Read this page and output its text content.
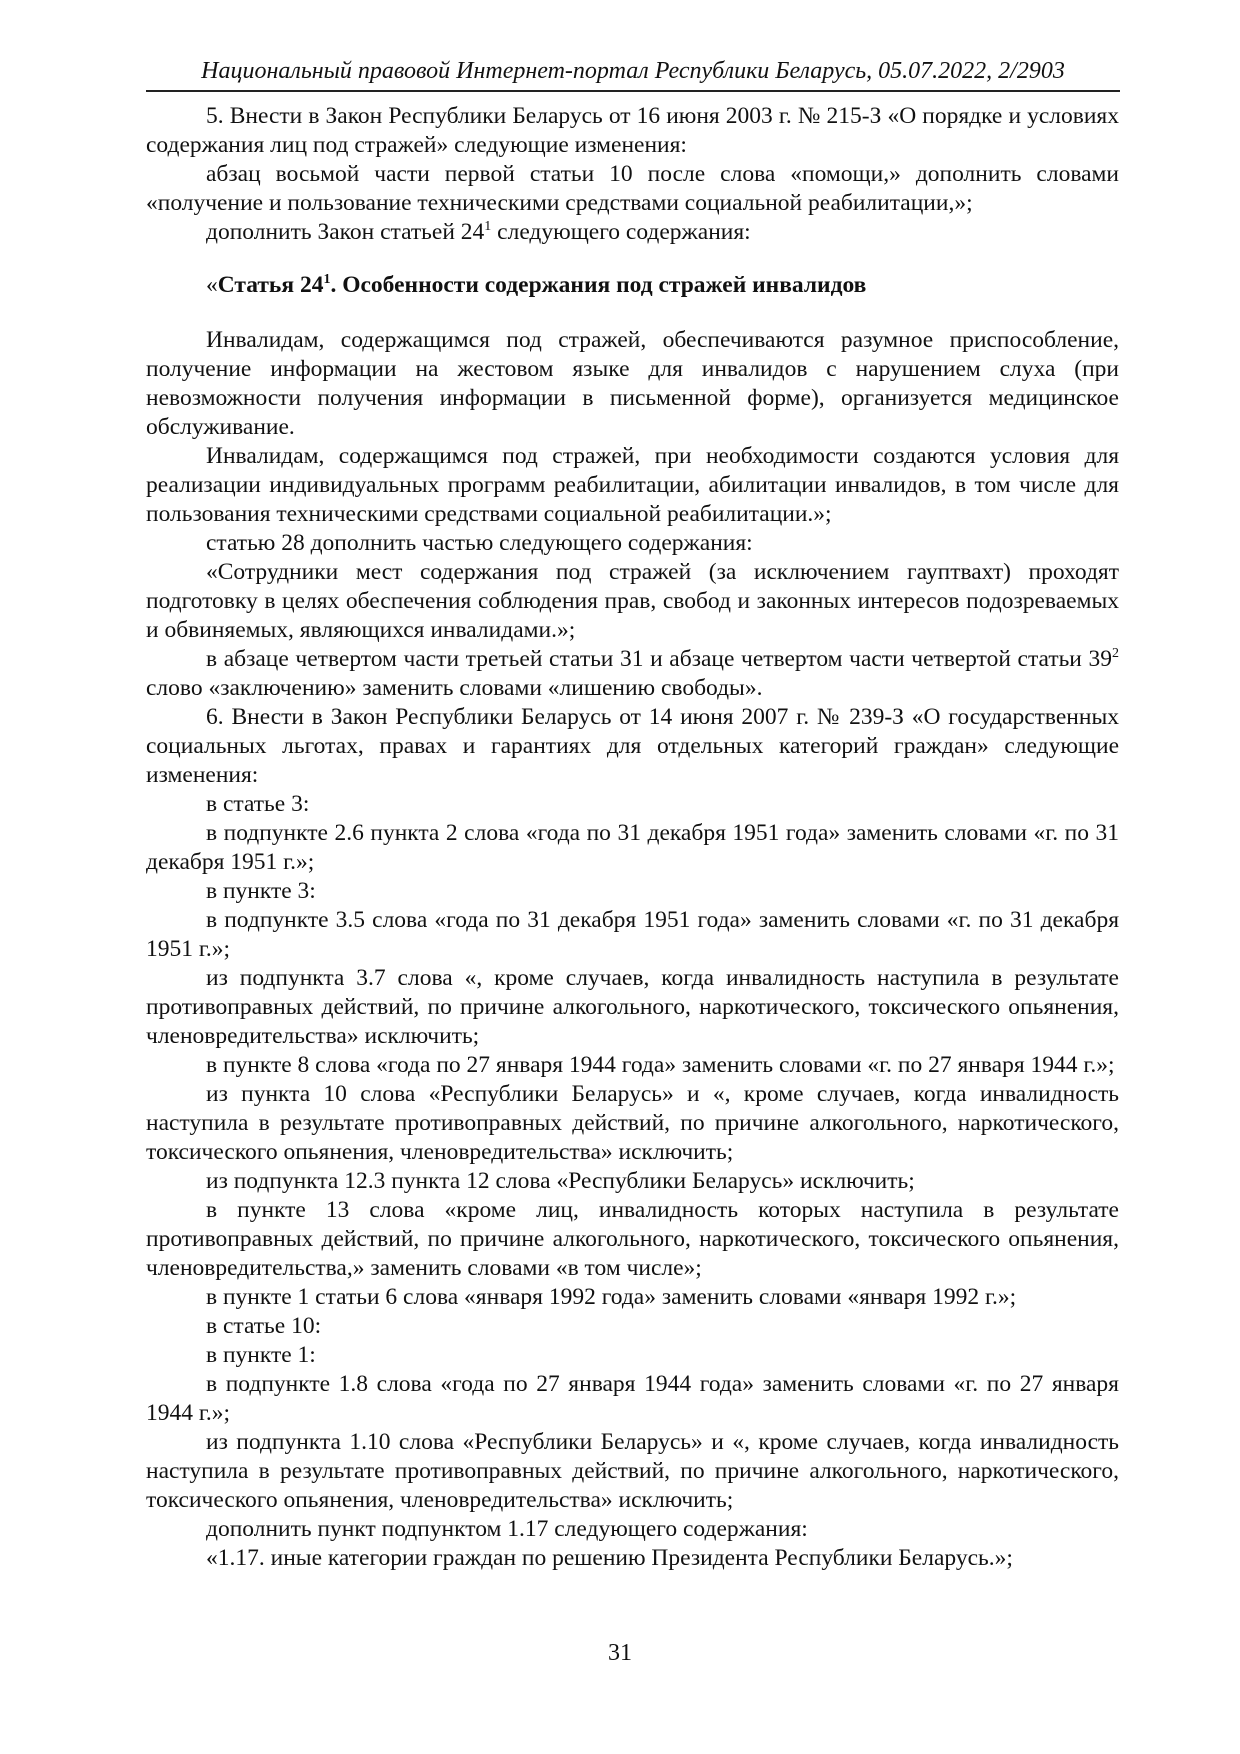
Национальный правовой Интернет-портал Республики Беларусь, 05.07.2022, 2/2903

5. Внести в Закон Республики Беларусь от 16 июня 2003 г. № 215-З «О порядке и условиях содержания лиц под стражей» следующие изменения:

абзац восьмой части первой статьи 10 после слова «помощи,» дополнить словами «получение и пользование техническими средствами социальной реабилитации,»;

дополнить Закон статьей $24^1$ следующего содержания:

«Статья $24^1$. Особенности содержания под стражей инвалидов

Инвалидам, содержащимся под стражей, обеспечиваются разумное приспособление, получение информации на жестовом языке для инвалидов с нарушением слуха (при невозможности получения информации в письменной форме), организуется медицинское обслуживание.

Инвалидам, содержащимся под стражей, при необходимости создаются условия для реализации индивидуальных программ реабилитации, абилитации инвалидов, в том числе для пользования техническими средствами социальной реабилитации.»;

статью 28 дополнить частью следующего содержания:

«Сотрудники мест содержания под стражей (за исключением гауптвахт) проходят подготовку в целях обеспечения соблюдения прав, свобод и законных интересов подозреваемых и обвиняемых, являющихся инвалидами.»;

в абзаце четвертом части третьей статьи 31 и абзаце четвертом части четвертой статьи $39^2$ слово «заключению» заменить словами «лишению свободы».

6. Внести в Закон Республики Беларусь от 14 июня 2007 г. № 239-З «О государственных социальных льготах, правах и гарантиях для отдельных категорий граждан» следующие изменения:

в статье 3:

в подпункте 2.6 пункта 2 слова «года по 31 декабря 1951 года» заменить словами «г. по 31 декабря 1951 г.»;

в пункте 3:

в подпункте 3.5 слова «года по 31 декабря 1951 года» заменить словами «г. по 31 декабря 1951 г.»;

из подпункта 3.7 слова «, кроме случаев, когда инвалидность наступила в результате противоправных действий, по причине алкогольного, наркотического, токсического опьянения, членовредительства» исключить;

в пункте 8 слова «года по 27 января 1944 года» заменить словами «г. по 27 января 1944 г.»;

из пункта 10 слова «Республики Беларусь» и «, кроме случаев, когда инвалидность наступила в результате противоправных действий, по причине алкогольного, наркотического, токсического опьянения, членовредительства» исключить;

из подпункта 12.3 пункта 12 слова «Республики Беларусь» исключить;

в пункте 13 слова «кроме лиц, инвалидность которых наступила в результате противоправных действий, по причине алкогольного, наркотического, токсического опьянения, членовредительства,» заменить словами «в том числе»;

в пункте 1 статьи 6 слова «января 1992 года» заменить словами «января 1992 г.»;

в статье 10:

в пункте 1:

в подпункте 1.8 слова «года по 27 января 1944 года» заменить словами «г. по 27 января 1944 г.»;

из подпункта 1.10 слова «Республики Беларусь» и «, кроме случаев, когда инвалидность наступила в результате противоправных действий, по причине алкогольного, наркотического, токсического опьянения, членовредительства» исключить;

дополнить пункт подпунктом 1.17 следующего содержания:

«1.17. иные категории граждан по решению Президента Республики Беларусь.»;

31
